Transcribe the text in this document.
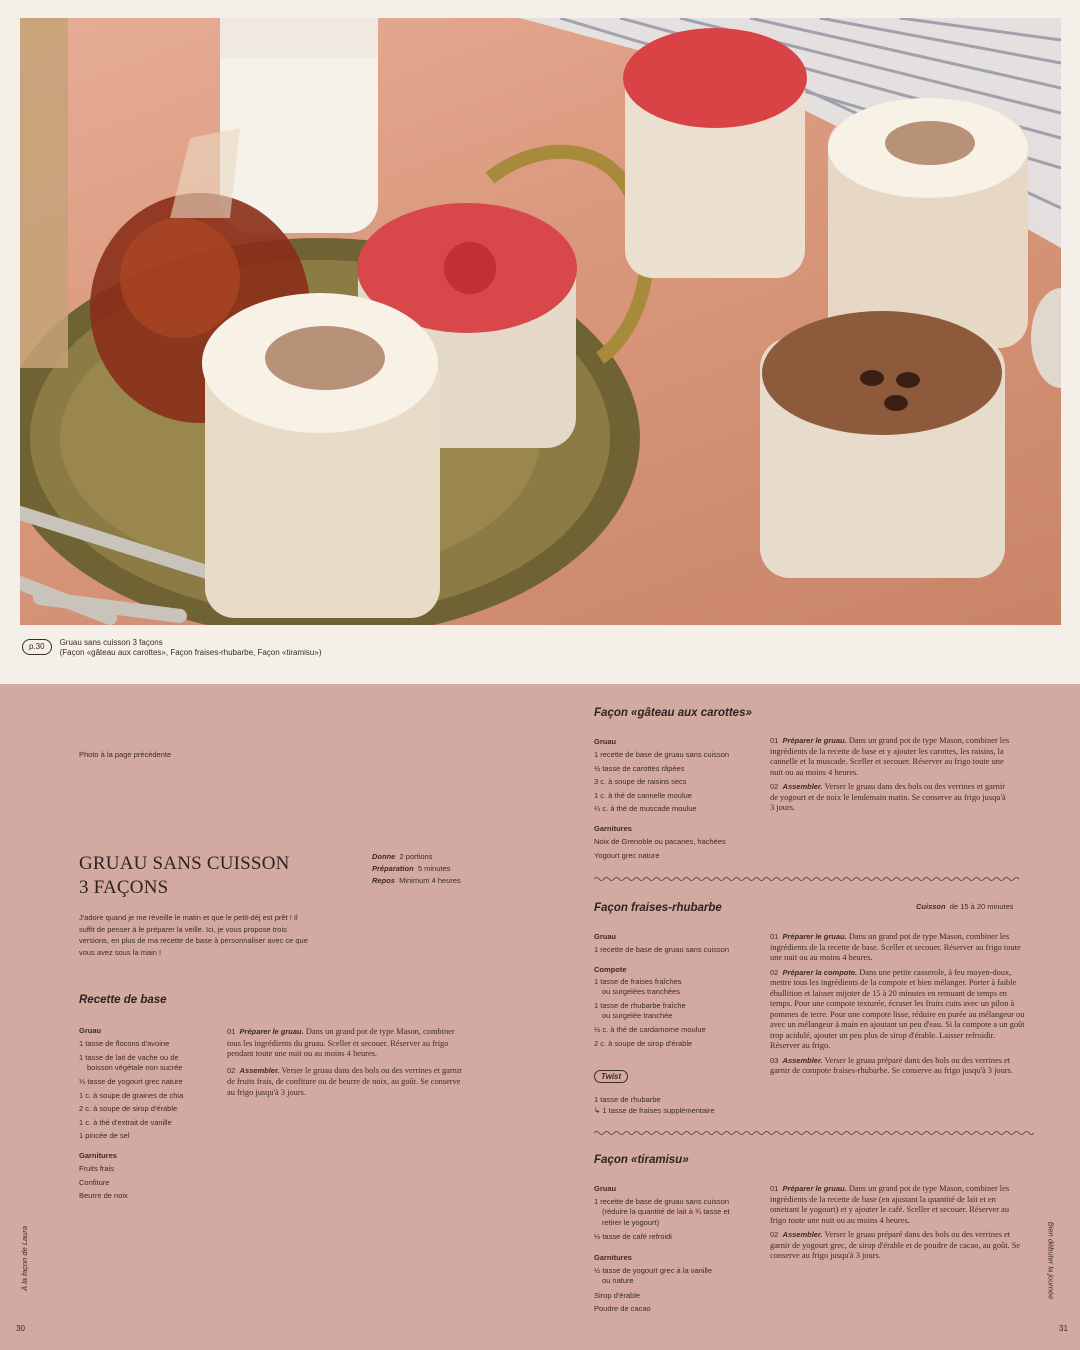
p.30	Gruau sans cuisson 3 façons
(Façon «gâteau aux carottes», Façon fraises-rhubarbe, Façon «tiramisu»)
Photo à la page précédente
GRUAU SANS CUISSON
3 FAÇONS
Donne 2 portions
Préparation 5 minutes
Repos Minimum 4 heures
J'adore quand je me réveille le matin et que le petit-déj est prêt ! Il suffit de penser à le préparer la veille. Ici, je vous propose trois versions, en plus de ma recette de base à personnaliser avec ce que vous avez sous la main !
Recette de base
Gruau
1 tasse de flocons d'avoine
1 tasse de lait de vache ou de
boisson végétale non sucrée
⅓ tasse de yogourt grec nature
1 c. à soupe de graines de chia
2 c. à soupe de sirop d'érable
1 c. à thé d'extrait de vanille
1 pincée de sel
Garnitures
Fruits frais
Confiture
Beurre de noix

01 Préparer le gruau. Dans un grand pot de type Mason, combiner tous les ingrédients du gruau. Sceller et secouer. Réserver au frigo pendant toute une nuit ou au moins 4 heures.

02 Assembler. Verser le gruau dans des bols ou des verrines et garnir de fruits frais, de confiture ou de beurre de noix, au goût. Se conserve au frigo jusqu'à 3 jours.

À la façon de Laura
30
Façon «gâteau aux carottes»
Gruau
1 recette de base de gruau sans cuisson
½ tasse de carottes râpées
3 c. à soupe de raisins secs
1 c. à thé de cannelle moulue
¼ c. à thé de muscade moulue
Garnitures
Noix de Grenoble ou pacanes, hachées
Yogourt grec nature

01 Préparer le gruau. Dans un grand pot de type Mason, combiner les ingrédients de la recette de base et y ajouter les carottes, les raisins, la cannelle et la muscade. Sceller et secouer. Réserver au frigo toute une nuit ou au moins 4 heures.

02 Assembler. Verser le gruau dans des bols ou des verrines et garnir de yogourt et de noix le lendemain matin. Se conserve au frigo jusqu'à 3 jours.

Façon fraises-rhubarbe	Cuisson de 15 à 20 minutes
Gruau
1 recette de base de gruau sans cuisson
Compote
1 tasse de fraises fraîches
ou surgelées tranchées
1 tasse de rhubarbe fraîche
ou surgelée tranchée
½ c. à thé de cardamome moulue
2 c. à soupe de sirop d'érable
Twist
1 tasse de rhubarbe
↳ 1 tasse de fraises supplémentaire

01 Préparer le gruau. Dans un grand pot de type Mason, combiner les ingrédients de la recette de base. Sceller et secouer. Réserver au frigo toute une nuit ou au moins 4 heures.

02 Préparer la compote. Dans une petite casserole, à feu moyen-doux, mettre tous les ingrédients de la compote et bien mélanger. Porter à faible ébullition et laisser mijoter de 15 à 20 minutes en remuant de temps en temps. Pour une compote texturée, écraser les fruits cuits avec un pilon à pommes de terre. Pour une compote lisse, réduire en purée au mélangeur ou avec un mélangeur à main en ajoutant un peu d'eau. Si la compote a un goût trop acidulé, ajouter un peu plus de sirop d'érable. Laisser refroidir. Réserver au frigo.

03 Assembler. Verser le gruau préparé dans des bols ou des verrines et garnir de compote fraises-rhubarbe. Se conserve au frigo jusqu'à 3 jours.

Façon «tiramisu»
Gruau
1 recette de base de gruau sans cuisson
(réduire la quantité de lait à ¾ tasse et
retirer le yogourt)
½ tasse de café refroidi
Garnitures
½ tasse de yogourt grec à la vanille
ou nature
Sirop d'érable
Poudre de cacao

01 Préparer le gruau. Dans un grand pot de type Mason, combiner les ingrédients de la recette de base (en ajustant la quantité de lait et en omettant le yogourt) et y ajouter le café. Sceller et secouer. Réserver au frigo toute une nuit ou au moins 4 heures.

02 Assembler. Verser le gruau préparé dans des bols ou des verrines et garnir de yogourt grec, de sirop d'érable et de poudre de cacao, au goût. Se conserve au frigo jusqu'à 3 jours.	Bien débuter la journée
31
